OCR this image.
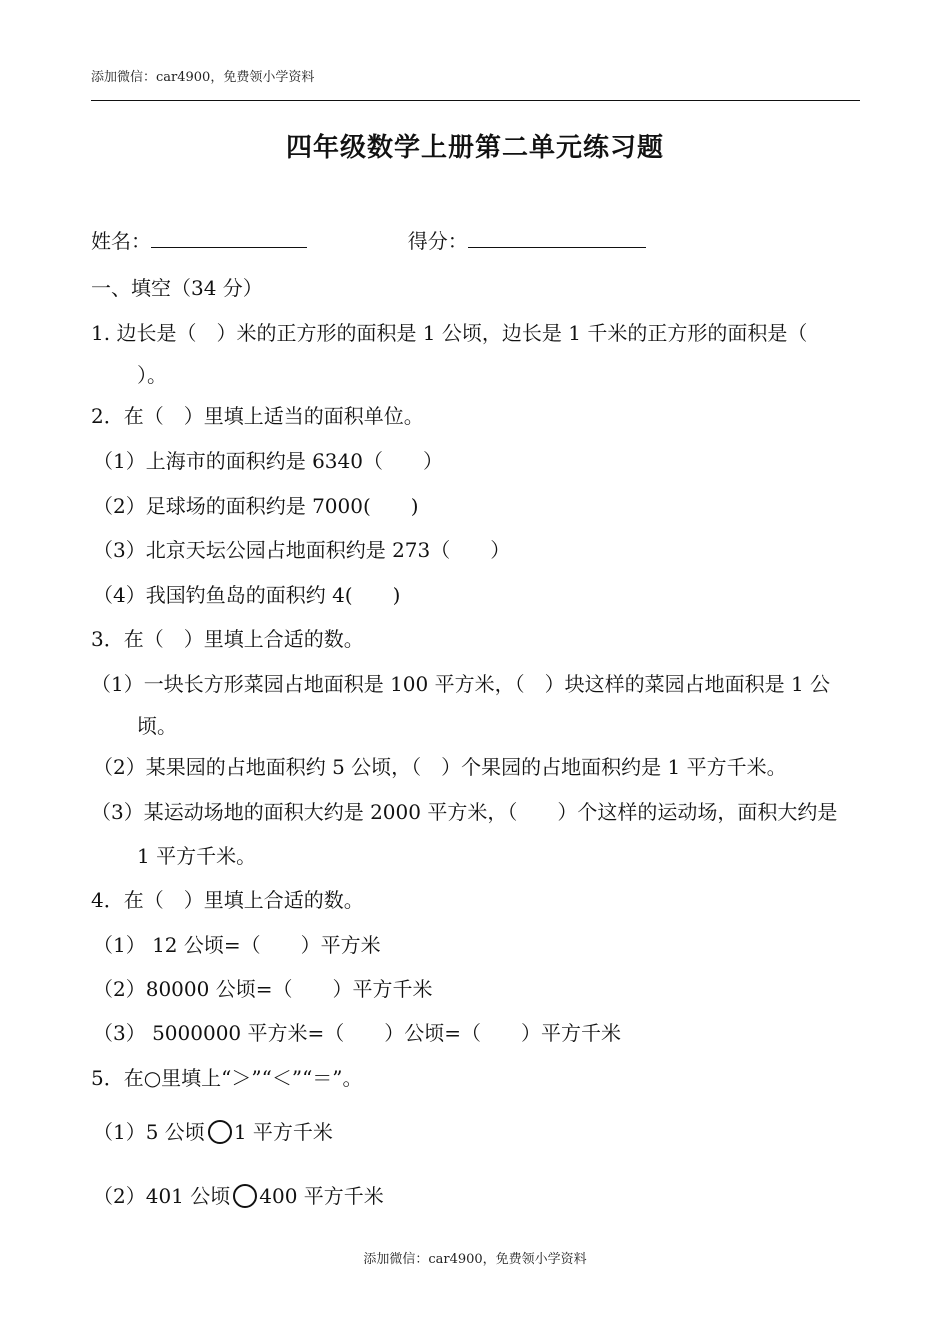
添加微信：car4900，免费领小学资料
四年级数学上册第二单元练习题
姓名：	得分：
一、填空（34 分）
1. 边长是（　）米的正方形的面积是 1 公顷，边长是 1 千米的正方形的面积是（
）。
2．在（　）里填上适当的面积单位。
（1）上海市的面积约是 6340（　　）
（2）足球场的面积约是 7000(　　)
（3）北京天坛公园占地面积约是 273（　　）
（4）我国钓鱼岛的面积约 4(　　)
3．在（　）里填上合适的数。
（1）一块长方形菜园占地面积是 100 平方米，（　）块这样的菜园占地面积是 1 公
顷。
（2）某果园的占地面积约 5 公顷，（　）个果园的占地面积约是 1 平方千米。
（3）某运动场地的面积大约是 2000 平方米，（　　）个这样的运动场，面积大约是
1 平方千米。
4．在（　）里填上合适的数。
（1） 12 公顷=（　　）平方米
（2）80000 公顷=（　　）平方千米
（3） 5000000 平方米=（　　）公顷=（　　）平方千米
5．在○里填上“＞”“＜”“＝”。
（1）5 公顷 1 平方千米
（2）401 公顷 400 平方千米
添加微信：car4900，免费领小学资料
